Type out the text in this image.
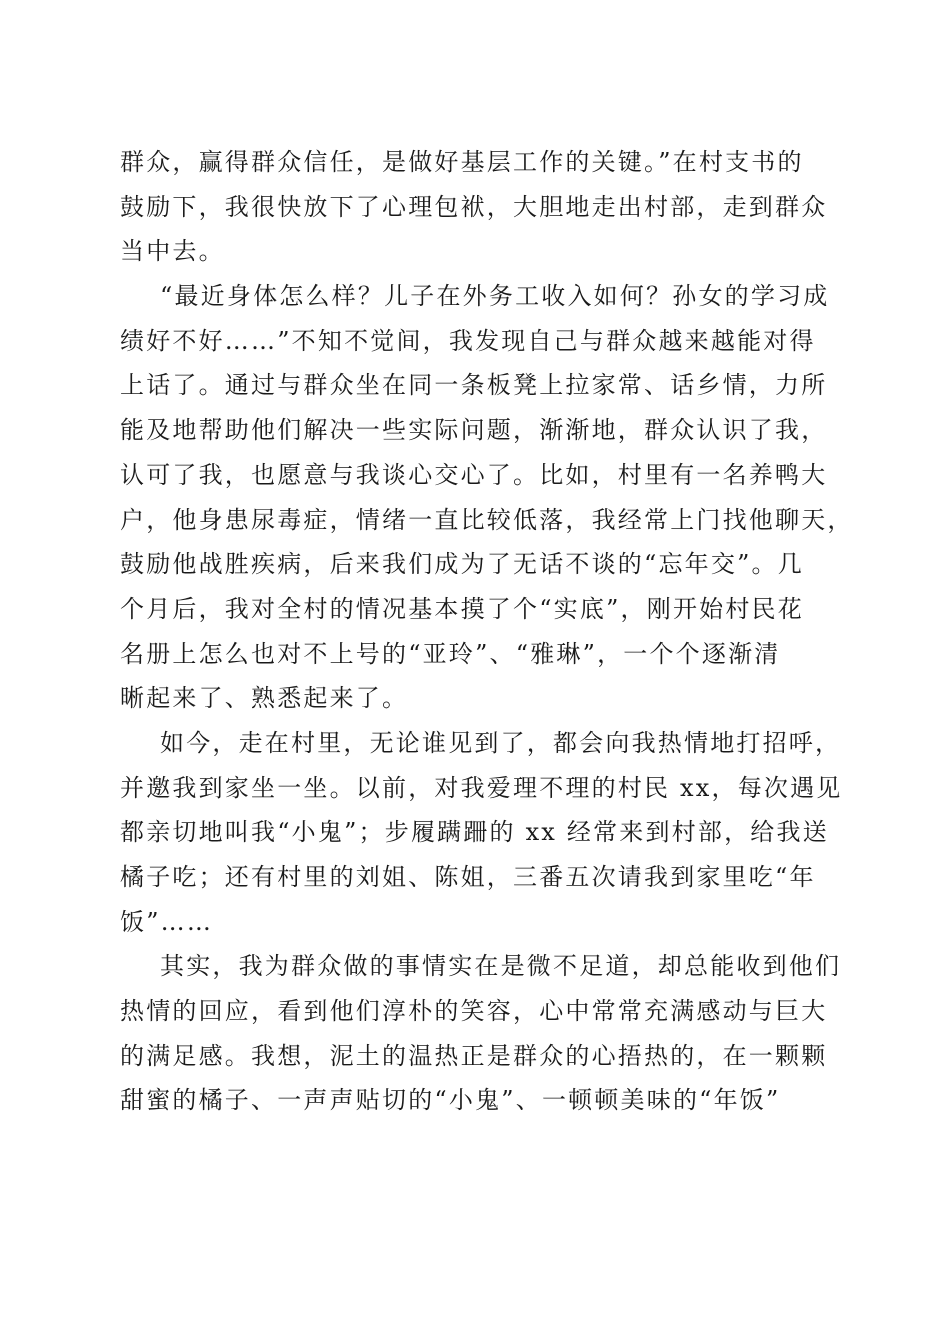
群众，赢得群众信任，是做好基层工作的关键。”在村支书的
鼓励下，我很快放下了心理包袱，大胆地走出村部，走到群众
当中去。
“最近身体怎么样？儿子在外务工收入如何？孙女的学习成
绩好不好……”不知不觉间，我发现自己与群众越来越能对得
上话了。通过与群众坐在同一条板凳上拉家常、话乡情，力所
能及地帮助他们解决一些实际问题，渐渐地，群众认识了我，
认可了我，也愿意与我谈心交心了。比如，村里有一名养鸭大
户，他身患尿毒症，情绪一直比较低落，我经常上门找他聊天，
鼓励他战胜疾病，后来我们成为了无话不谈的“忘年交”。几
个月后，我对全村的情况基本摸了个“实底”，刚开始村民花
名册上怎么也对不上号的“亚玲”、“雅琳”，一个个逐渐清
晰起来了、熟悉起来了。
如今，走在村里，无论谁见到了，都会向我热情地打招呼，
并邀我到家坐一坐。以前，对我爱理不理的村民 xx，每次遇见
都亲切地叫我“小鬼”；步履蹒跚的 xx 经常来到村部，给我送
橘子吃；还有村里的刘姐、陈姐，三番五次请我到家里吃“年
饭”……
其实，我为群众做的事情实在是微不足道，却总能收到他们
热情的回应，看到他们淳朴的笑容，心中常常充满感动与巨大
的满足感。我想，泥土的温热正是群众的心捂热的，在一颗颗
甜蜜的橘子、一声声贴切的“小鬼”、一顿顿美味的“年饭”
